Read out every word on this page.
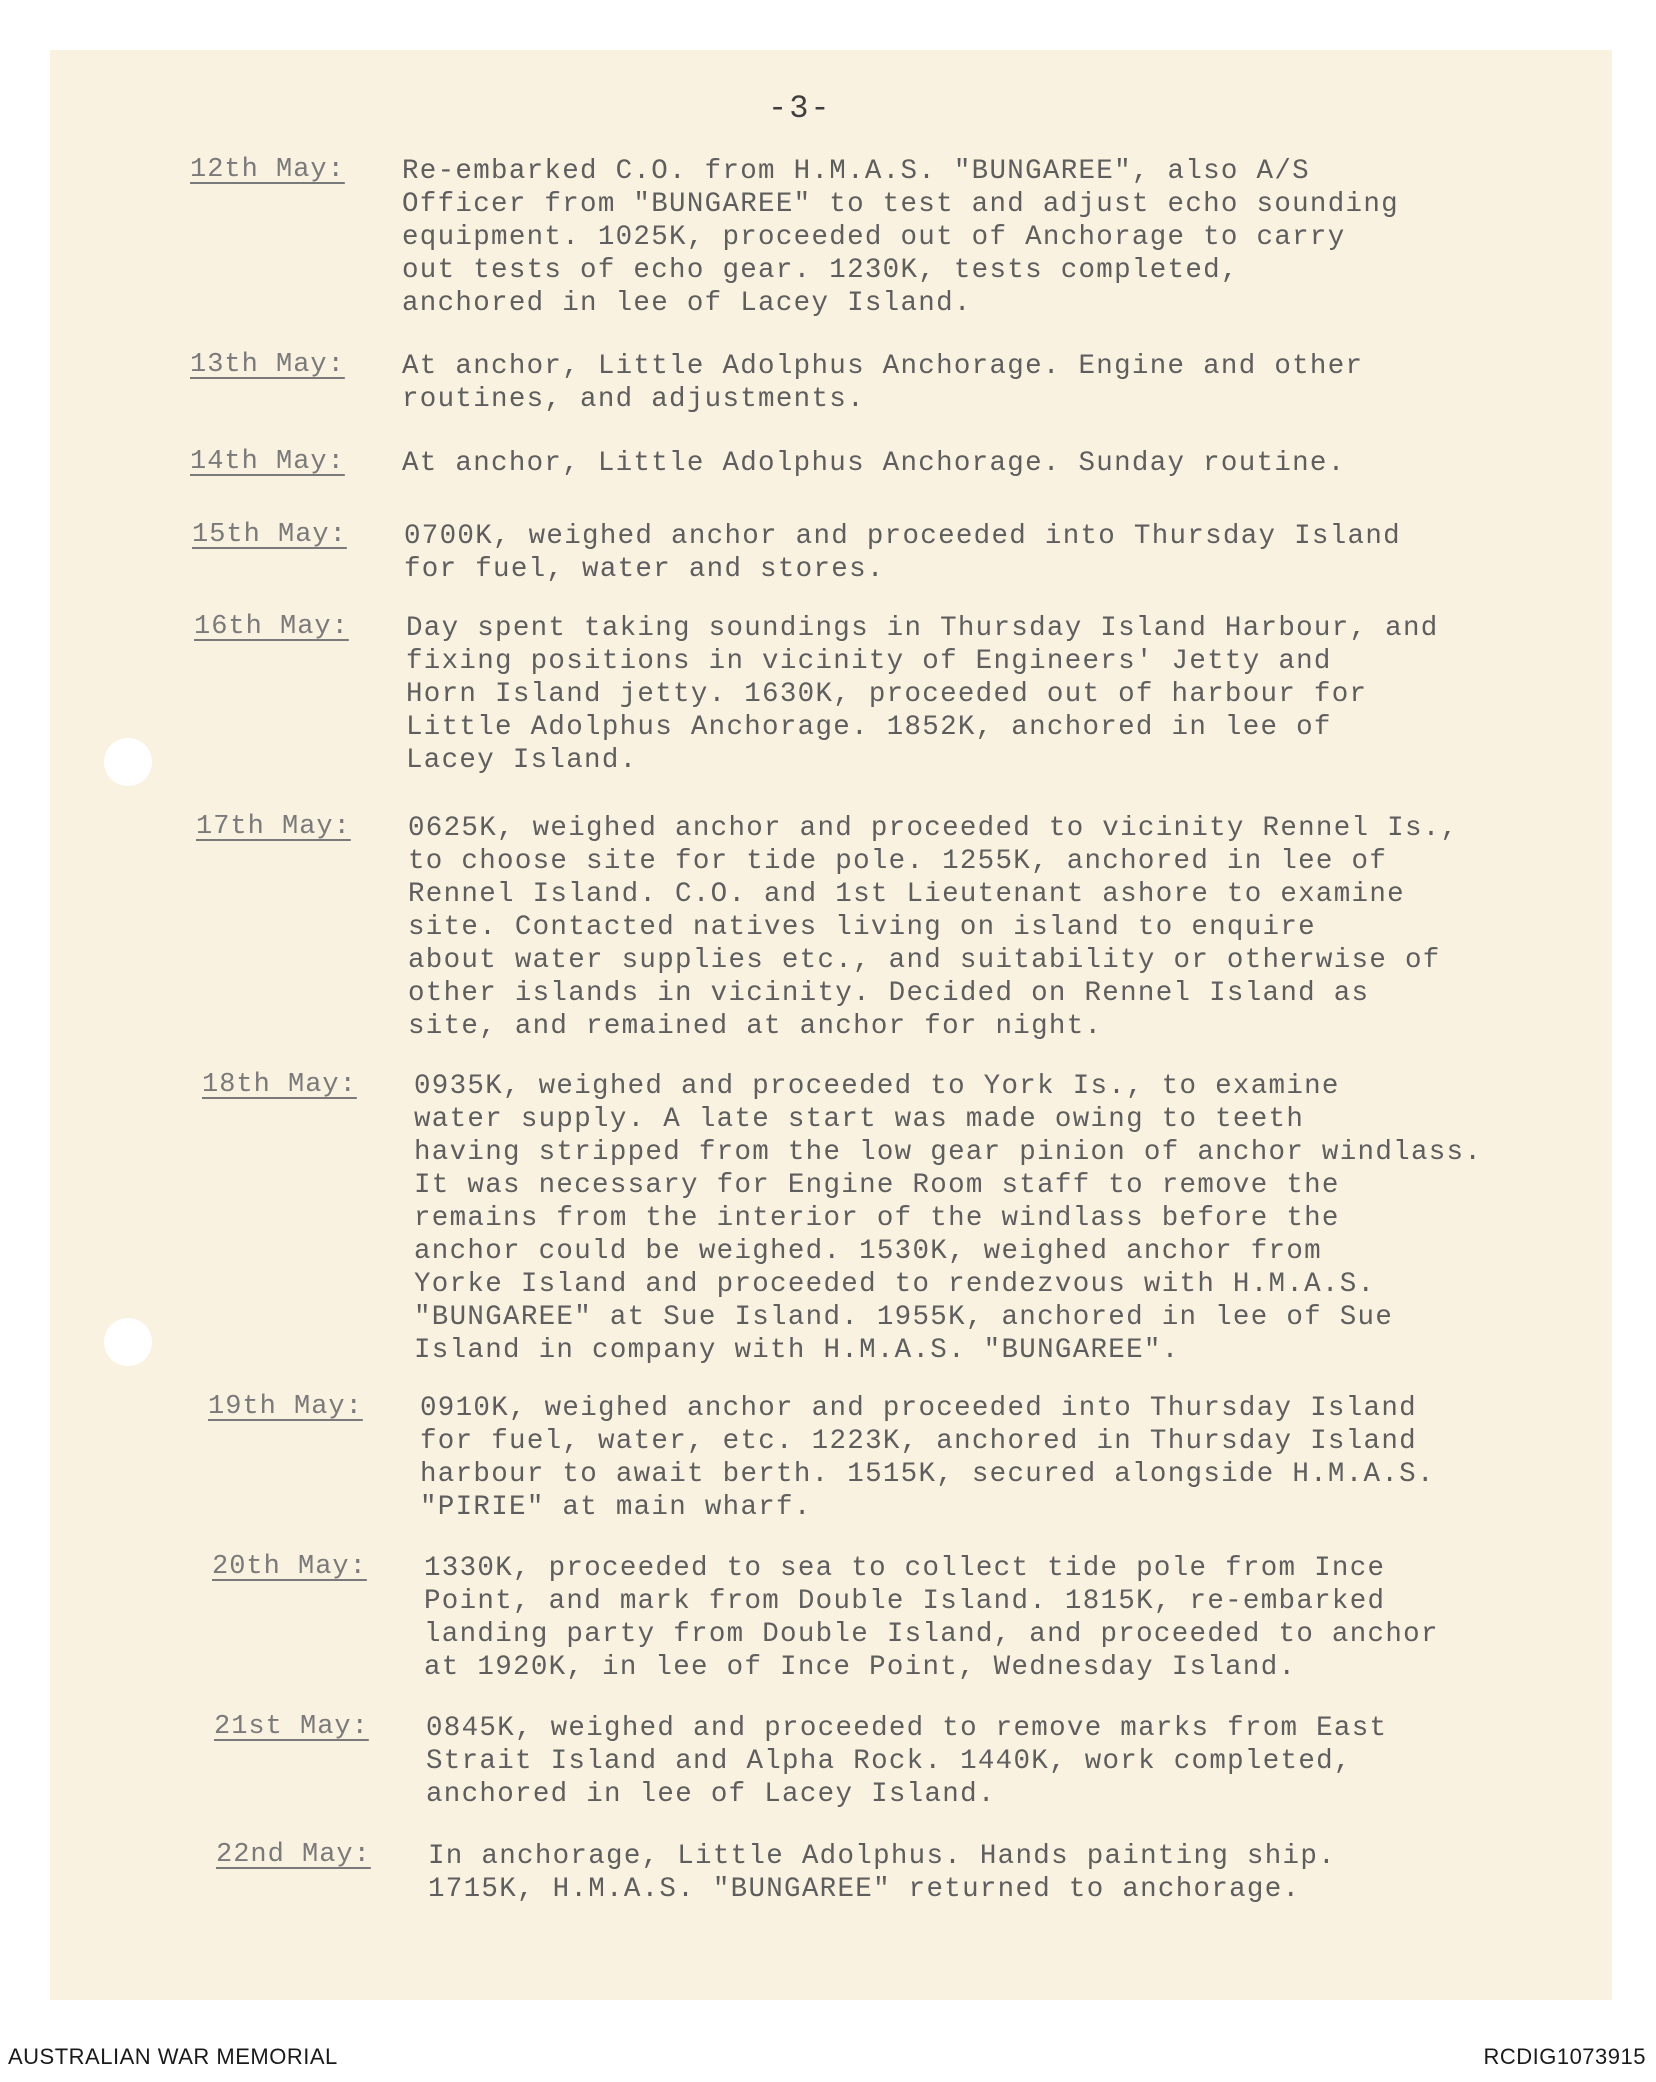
-3-
12th May: Re-embarked C.O. from H.M.A.S. "BUNGAREE", also A/S
Officer from "BUNGAREE" to test and adjust echo sounding
equipment. 1025K, proceeded out of Anchorage to carry
out tests of echo gear. 1230K, tests completed,
anchored in lee of Lacey Island.
13th May: At anchor, Little Adolphus Anchorage. Engine and other
routines, and adjustments.
14th May: At anchor, Little Adolphus Anchorage. Sunday routine.
15th May: 0700K, weighed anchor and proceeded into Thursday Island
for fuel, water and stores.
16th May: Day spent taking soundings in Thursday Island Harbour, and
fixing positions in vicinity of Engineers' Jetty and
Horn Island jetty. 1630K, proceeded out of harbour for
Little Adolphus Anchorage. 1852K, anchored in lee of
Lacey Island.
17th May: 0625K, weighed anchor and proceeded to vicinity Rennel Is.,
to choose site for tide pole. 1255K, anchored in lee of
Rennel Island. C.O. and 1st Lieutenant ashore to examine
site. Contacted natives living on island to enquire
about water supplies etc., and suitability or otherwise of
other islands in vicinity. Decided on Rennel Island as
site, and remained at anchor for night.
18th May: 0935K, weighed and proceeded to York Is., to examine
water supply. A late start was made owing to teeth
having stripped from the low gear pinion of anchor windlass.
It was necessary for Engine Room staff to remove the
remains from the interior of the windlass before the
anchor could be weighed. 1530K, weighed anchor from
Yorke Island and proceeded to rendezvous with H.M.A.S.
"BUNGAREE" at Sue Island. 1955K, anchored in lee of Sue
Island in company with H.M.A.S. "BUNGAREE".
19th May: 0910K, weighed anchor and proceeded into Thursday Island
for fuel, water, etc. 1223K, anchored in Thursday Island
harbour to await berth. 1515K, secured alongside H.M.A.S.
"PIRIE" at main wharf.
20th May: 1330K, proceeded to sea to collect tide pole from Ince
Point, and mark from Double Island. 1815K, re-embarked
landing party from Double Island, and proceeded to anchor
at 1920K, in lee of Ince Point, Wednesday Island.
21st May: 0845K, weighed and proceeded to remove marks from East
Strait Island and Alpha Rock. 1440K, work completed,
anchored in lee of Lacey Island.
22nd May: In anchorage, Little Adolphus. Hands painting ship.
1715K, H.M.A.S. "BUNGAREE" returned to anchorage.
AUSTRALIAN WAR MEMORIAL	RCDIG1073915
